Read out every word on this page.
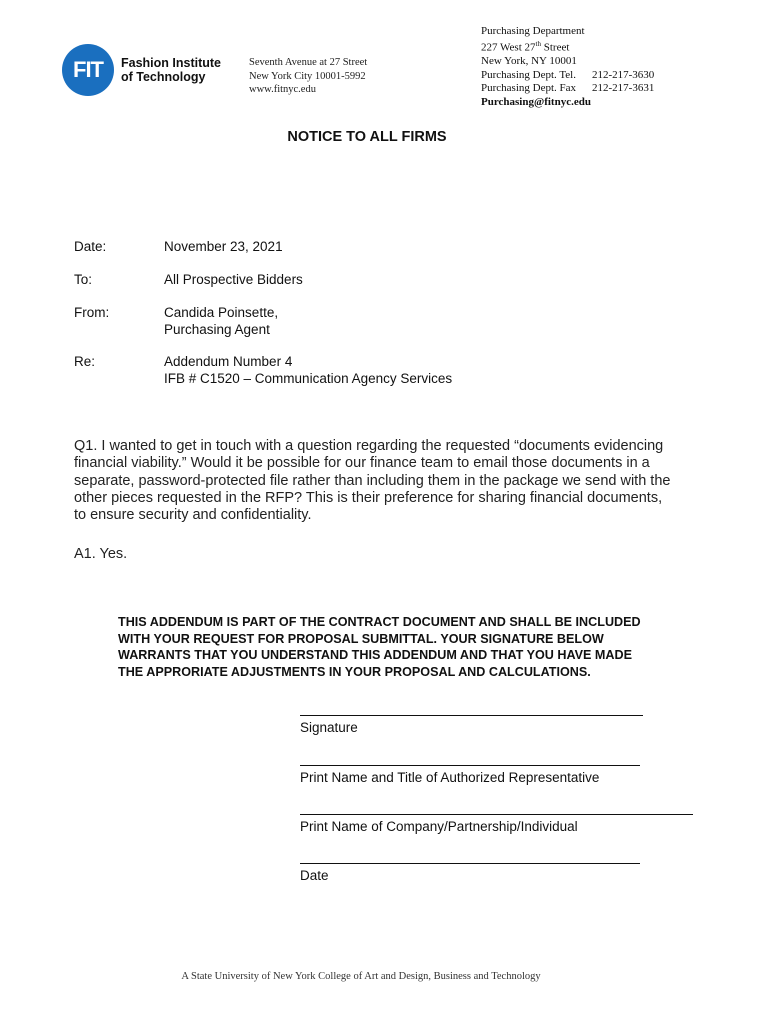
FIT Fashion Institute
of Technology
Seventh Avenue at 27 Street
New York City 10001-5992
www.fitnyc.edu
Purchasing Department
227 West 27th Street
New York, NY 10001
Purchasing Dept. Tel. 212-217-3630
Purchasing Dept. Fax 212-217-3631
Purchasing@fitnyc.edu
NOTICE TO ALL FIRMS
Date:	November 23, 2021
To:	All Prospective Bidders
From:	Candida Poinsette,
Purchasing Agent
Re:	Addendum Number 4
IFB # C1520 – Communication Agency Services
Q1. I wanted to get in touch with a question regarding the requested “documents evidencing
financial viability.” Would it be possible for our finance team to email those documents in a
separate, password-protected file rather than including them in the package we send with the
other pieces requested in the RFP? This is their preference for sharing financial documents,
to ensure security and confidentiality.
A1. Yes.
THIS ADDENDUM IS PART OF THE CONTRACT DOCUMENT AND SHALL BE INCLUDED
WITH YOUR REQUEST FOR PROPOSAL SUBMITTAL. YOUR SIGNATURE BELOW
WARRANTS THAT YOU UNDERSTAND THIS ADDENDUM AND THAT YOU HAVE MADE
THE APPRORIATE ADJUSTMENTS IN YOUR PROPOSAL AND CALCULATIONS.
Signature
Print Name and Title of Authorized Representative
Print Name of Company/Partnership/Individual
Date
A State University of New York College of Art and Design, Business and Technology
